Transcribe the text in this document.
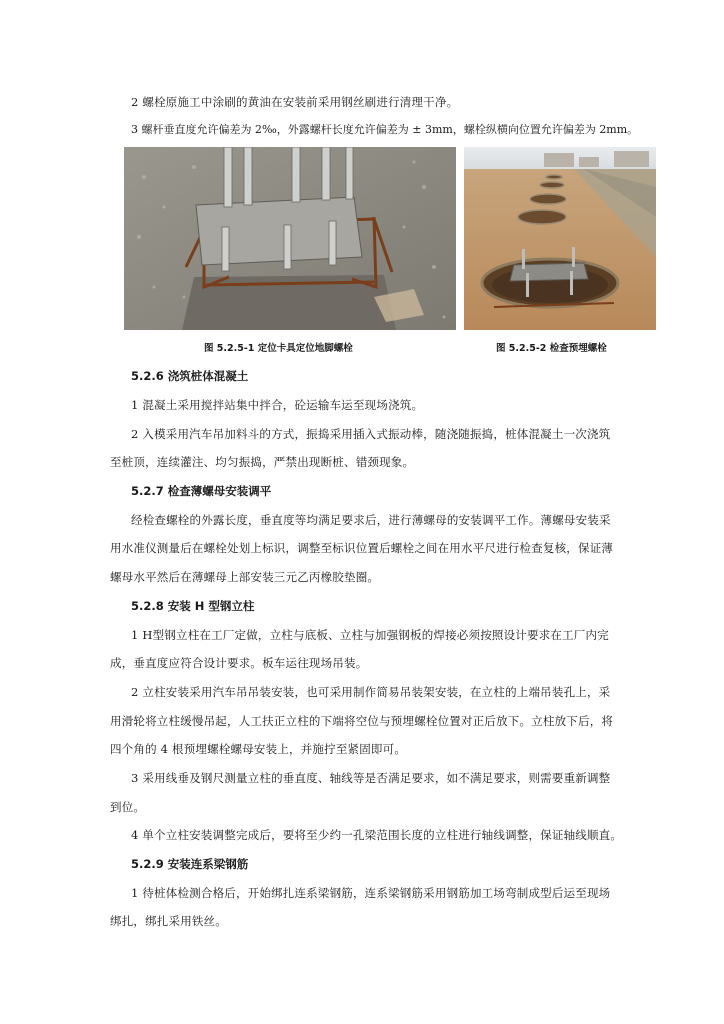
2 螺栓原施工中涂刷的黄油在安装前采用钢丝刷进行清理干净。
3 螺杆垂直度允许偏差为 2‰，外露螺杆长度允许偏差为 ± 3mm，螺栓纵横向位置允许偏差为 2mm。
图 5.2.5-1 定位卡具定位地脚螺栓	图 5.2.5-2 检查预埋螺栓
5.2.6 浇筑桩体混凝土
1 混凝土采用搅拌站集中拌合，砼运输车运至现场浇筑。
2 入模采用汽车吊加料斗的方式，振捣采用插入式振动棒，随浇随振捣，桩体混凝土一次浇筑
至桩顶，连续灌注、均匀振捣，严禁出现断桩、错颈现象。
5.2.7 检查薄螺母安装调平
经检查螺栓的外露长度，垂直度等均满足要求后，进行薄螺母的安装调平工作。薄螺母安装采
用水准仪测量后在螺栓处划上标识，调整至标识位置后螺栓之间在用水平尺进行检查复核，保证薄
螺母水平然后在薄螺母上部安装三元乙丙橡胶垫圈。
5.2.8 安装 H 型钢立柱
1 H型钢立柱在工厂定做，立柱与底板、立柱与加强钢板的焊接必须按照设计要求在工厂内完
成，垂直度应符合设计要求。板车运往现场吊装。
2 立柱安装采用汽车吊吊装安装，也可采用制作简易吊装架安装，在立柱的上端吊装孔上，采
用滑轮将立柱缓慢吊起，人工扶正立柱的下端将空位与预埋螺栓位置对正后放下。立柱放下后，将
四个角的 4 根预埋螺栓螺母安装上，并施拧至紧固即可。
3 采用线垂及钢尺测量立柱的垂直度、轴线等是否满足要求，如不满足要求，则需要重新调整
到位。
4 单个立柱安装调整完成后，要将至少约一孔梁范围长度的立柱进行轴线调整，保证轴线顺直。
5.2.9 安装连系梁钢筋
1 待桩体检测合格后，开始绑扎连系梁钢筋，连系梁钢筋采用钢筋加工场弯制成型后运至现场
绑扎，绑扎采用铁丝。
